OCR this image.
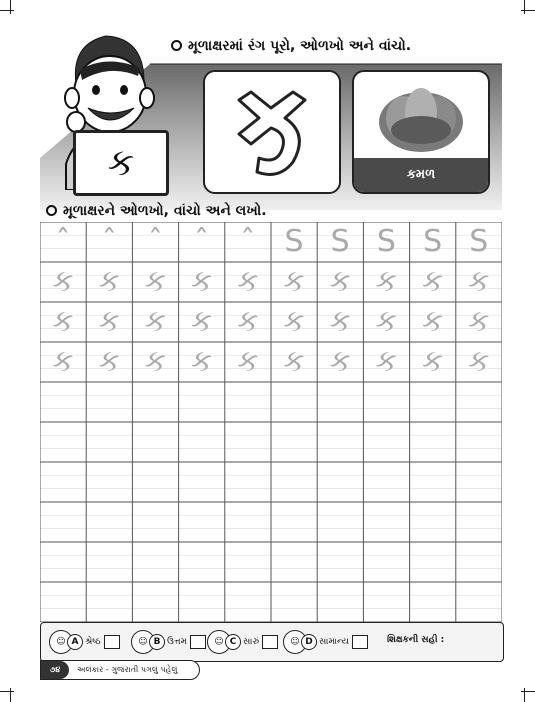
મૂળાક્ષરમાં રંગ પૂરો, ઓળખો અને વાંચો.
ક	કમળ
મૂળાક્ષરને ઓળખો, વાંચો અને લખો.
ˆ	ˆ	ˆ	ˆ	ˆ S S S S S
ક ક ક ક ક ક ક ક ક ક
ક ક ક ક ક ક ક ક ક ક
ક ક ક ક ક ક ક ક ક ક
☺ A શ્રેષ્ઠ	☺ B ઉત્તમ	☺ C સારું	☺ D સામાન્ય	શિક્ષકની સહી :
૭૪	અલંકાર - ગુજરાતી પગલું પહેલું
